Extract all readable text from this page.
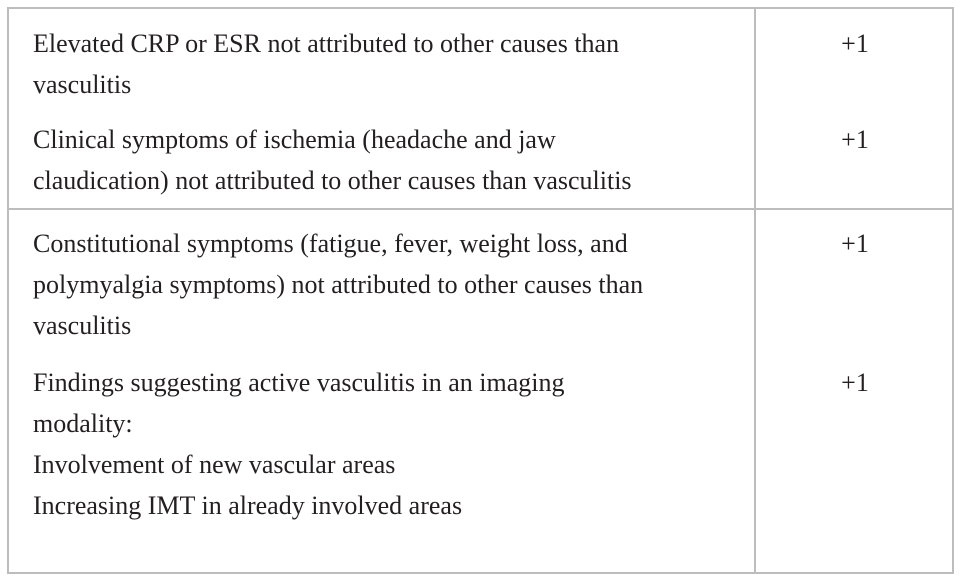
Elevated CRP or ESR not attributed to other causes than
vasculitis

+1

Clinical symptoms of ischemia (headache and jaw
claudication) not attributed to other causes than vasculitis

+1

Constitutional symptoms (fatigue, fever, weight loss, and
polymyalgia symptoms) not attributed to other causes than
vasculitis

+1

Findings suggesting active vasculitis in an imaging
modality:
Involvement of new vascular areas
Increasing IMT in already involved areas

+1
